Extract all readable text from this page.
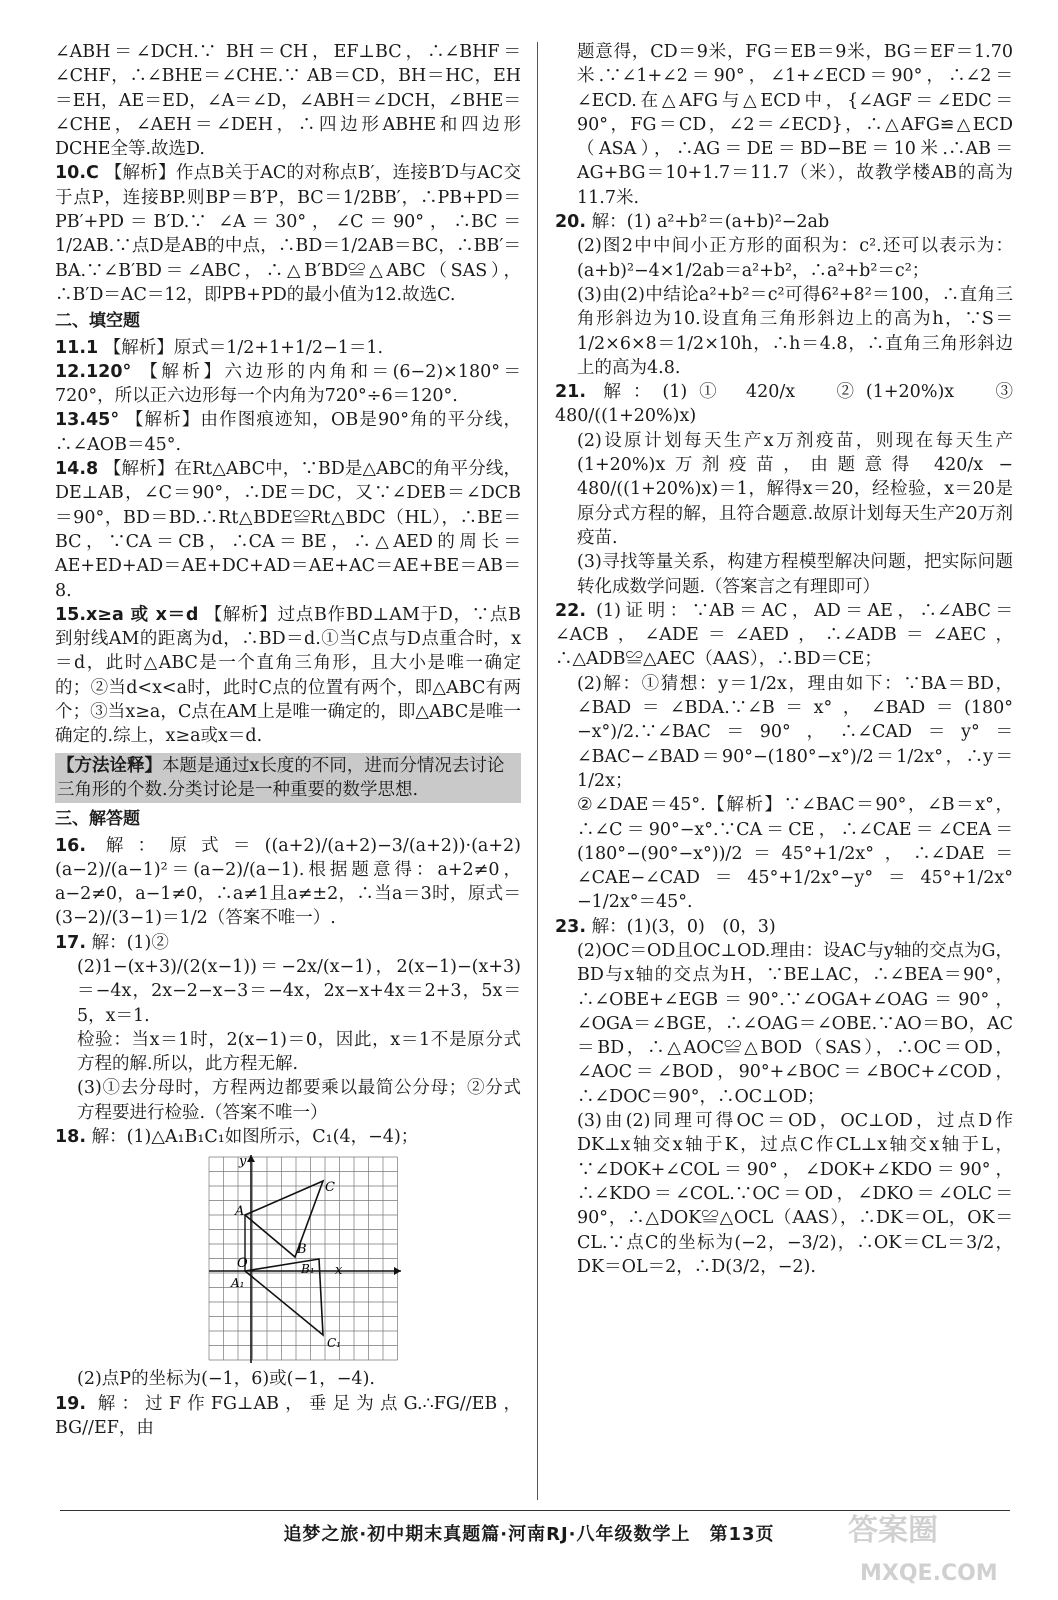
∠ABH＝∠DCH.∵ BH＝CH，EF⊥BC，∴∠BHF＝∠CHF，∴∠BHE＝∠CHE.∵ AB＝CD，BH＝HC，EH＝EH，AE＝ED，∠A＝∠D，∠ABH＝∠DCH，∠BHE＝∠CHE，∠AEH＝∠DEH，∴四边形ABHE和四边形DCHE全等.故选D.

10.C 【解析】作点B关于AC的对称点B′，连接B′D与AC交于点P，连接BP.则BP＝B′P，BC＝1/2BB′，∴PB+PD＝PB′+PD＝B′D.∵ ∠A＝30°，∠C＝90°，∴BC＝1/2AB.∵点D是AB的中点，∴BD＝1/2AB＝BC，∴BB′＝BA.∵∠B′BD＝∠ABC，∴△B′BD≌△ABC（SAS），∴B′D＝AC＝12，即PB+PD的最小值为12.故选C.

二、填空题

11.1 【解析】原式＝1/2+1+1/2−1＝1.

12.120° 【解析】六边形的内角和＝(6−2)×180°＝720°，所以正六边形每一个内角为720°÷6＝120°.

13.45° 【解析】由作图痕迹知，OB是90°角的平分线，∴∠AOB＝45°.

14.8 【解析】在Rt△ABC中，∵BD是△ABC的角平分线，DE⊥AB，∠C＝90°，∴DE＝DC，又∵∠DEB＝∠DCB＝90°，BD＝BD.∴Rt△BDE≌Rt△BDC（HL），∴BE＝BC，∵CA＝CB，∴CA＝BE，∴△AED的周长＝AE+ED+AD＝AE+DC+AD＝AE+AC＝AE+BE＝AB＝8.

15.x≥a 或 x＝d 【解析】过点B作BD⊥AM于D，∵点B到射线AM的距离为d，∴BD＝d.①当C点与D点重合时，x＝d，此时△ABC是一个直角三角形，且大小是唯一确定的；②当d<x<a时，此时C点的位置有两个，即△ABC有两个；③当x≥a，C点在AM上是唯一确定的，即△ABC是唯一确定的.综上，x≥a或x＝d.

【方法诠释】本题是通过x长度的不同，进而分情况去讨论三角形的个数.分类讨论是一种重要的数学思想.
三、解答题

16. 解：原式＝((a+2)/(a+2)−3/(a+2))·(a+2)(a−2)/(a−1)²＝(a−2)/(a−1).根据题意得：a+2≠0，a−2≠0，a−1≠0，∴a≠1且a≠±2，∴当a＝3时，原式＝(3−2)/(3−1)＝1/2（答案不唯一）.

17. 解：(1)②

(2)1−(x+3)/(2(x−1))＝−2x/(x−1)，2(x−1)−(x+3)＝−4x，2x−2−x−3＝−4x，2x−x+4x＝2+3，5x＝5，x＝1.

检验：当x＝1时，2(x−1)＝0，因此，x＝1不是原分式方程的解.所以，此方程无解.

(3)①去分母时，方程两边都要乘以最简公分母；②分式方程要进行检验.（答案不唯一）

18. 解：(1)△A₁B₁C₁如图所示，C₁(4，−4)；

x
y
O
A
C
B
A₁
B₁
C₁

(2)点P的坐标为(−1，6)或(−1，−4).

19. 解：过F作FG⊥AB，垂足为点G.∴FG//EB，BG//EF，由

题意得，CD＝9米，FG＝EB＝9米，BG＝EF＝1.70米.∵∠1+∠2＝90°，∠1+∠ECD＝90°，∴∠2＝∠ECD.在△AFG与△ECD中，{∠AGF＝∠EDC＝90°，FG＝CD，∠2＝∠ECD}，∴△AFG≌△ECD（ASA），∴AG＝DE＝BD−BE＝10米.∴AB＝AG+BG＝10+1.7＝11.7（米），故教学楼AB的高为11.7米.

20. 解：(1) a²+b²＝(a+b)²−2ab

(2)图2中中间小正方形的面积为：c².还可以表示为：(a+b)²−4×1/2ab＝a²+b²，∴a²+b²＝c²；

(3)由(2)中结论a²+b²＝c²可得6²+8²＝100，∴直角三角形斜边为10.设直角三角形斜边上的高为h，∵S＝1/2×6×8＝1/2×10h，∴h＝4.8，∴直角三角形斜边上的高为4.8.

21. 解：(1)① 420/x　②(1+20%)x　③ 480/((1+20%)x)

(2)设原计划每天生产x万剂疫苗，则现在每天生产(1+20%)x万剂疫苗，由题意得 420/x − 480/((1+20%)x)＝1，解得x＝20，经检验，x＝20是原分式方程的解，且符合题意.故原计划每天生产20万剂疫苗.

(3)寻找等量关系，构建方程模型解决问题，把实际问题转化成数学问题.（答案言之有理即可）

22. (1)证明：∵AB＝AC，AD＝AE，∴∠ABC＝∠ACB，∠ADE＝∠AED，∴∠ADB＝∠AEC，∴△ADB≌△AEC（AAS），∴BD＝CE；

(2)解：①猜想：y＝1/2x，理由如下：∵BA＝BD，∠BAD＝∠BDA.∵∠B＝x°，∠BAD＝(180°−x°)/2.∵∠BAC＝90°，∴∠CAD＝y°＝∠BAC−∠BAD＝90°−(180°−x°)/2＝1/2x°，∴y＝1/2x；

②∠DAE＝45°.【解析】∵∠BAC＝90°，∠B＝x°，∴∠C＝90°−x°.∵CA＝CE，∴∠CAE＝∠CEA＝(180°−(90°−x°))/2＝45°+1/2x°，∴∠DAE＝∠CAE−∠CAD＝45°+1/2x°−y°＝45°+1/2x°−1/2x°＝45°.

23. 解：(1)(3，0)　(0，3)

(2)OC＝OD且OC⊥OD.理由：设AC与y轴的交点为G，BD与x轴的交点为H，∵BE⊥AC，∴∠BEA＝90°，∴∠OBE+∠EGB＝90°.∵∠OGA+∠OAG＝90°，∠OGA＝∠BGE，∴∠OAG＝∠OBE.∵AO＝BO，AC＝BD，∴△AOC≌△BOD（SAS），∴OC＝OD，∠AOC＝∠BOD，90°+∠BOC＝∠BOC+∠COD，∴∠DOC＝90°，∴OC⊥OD；

(3)由(2)同理可得OC＝OD，OC⊥OD，过点D作DK⊥x轴交x轴于K，过点C作CL⊥x轴交x轴于L，∵∠DOK+∠COL＝90°，∠DOK+∠KDO＝90°，∴∠KDO＝∠COL.∵OC＝OD，∠DKO＝∠OLC＝90°，∴△DOK≌△OCL（AAS），∴DK＝OL，OK＝CL.∵点C的坐标为(−2，−3/2)，∴OK＝CL＝3/2，DK＝OL＝2，∴D(3/2，−2).

追梦之旅·初中期末真题篇·河南RJ·八年级数学上　第13页	答案圈
MXQE.COM
